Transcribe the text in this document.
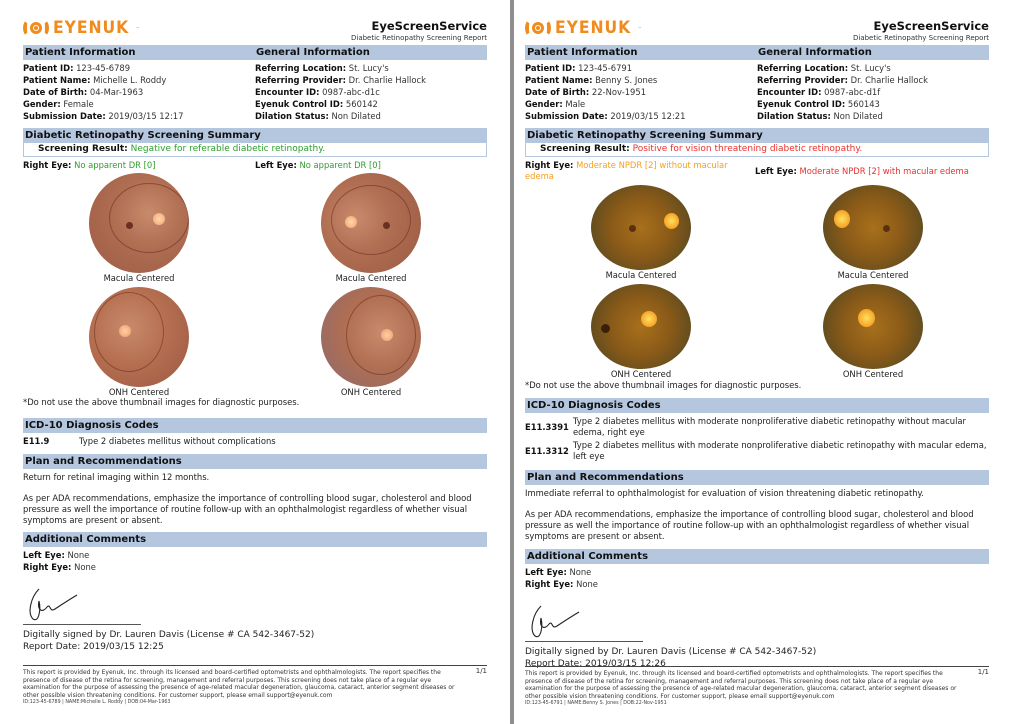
EYENUK ™	EyeScreenService
Diabetic Retinopathy Screening Report
Patient Information	General Information
Patient ID: 123-45-6789
Patient Name: Michelle L. Roddy
Date of Birth: 04-Mar-1963
Gender: Female
Submission Date: 2019/03/15 12:17
Referring Location: St. Lucy's
Referring Provider: Dr. Charlie Hallock
Encounter ID: 0987-abc-d1c
Eyenuk Control ID: 560142
Dilation Status: Non Dilated
Diabetic Retinopathy Screening Summary
Screening Result: Negative for referable diabetic retinopathy.
Right Eye: No apparent DR [0]	Left Eye: No apparent DR [0]
Macula Centered
ONH Centered
Macula Centered
ONH Centered
*Do not use the above thumbnail images for diagnostic purposes.
ICD-10 Diagnosis Codes
E11.9	Type 2 diabetes mellitus without complications
Plan and Recommendations
Return for retinal imaging within 12 months.
As per ADA recommendations, emphasize the importance of controlling blood sugar, cholesterol and blood pressure as well the importance of routine follow-up with an ophthalmologist regardless of whether visual symptoms are present or absent.
Additional Comments
Left Eye: None
Right Eye: None
Digitally signed by Dr. Lauren Davis (License # CA 542-3467-52)
Report Date: 2019/03/15 12:25
This report is provided by Eyenuk, Inc. through its licensed and board-certified optometrists and ophthalmologists. The report specifies the presence of disease of the retina for screening, management and referral purposes. This screening does not take place of a regular eye examination for the purpose of assessing the presence of age-related macular degeneration, glaucoma, cataract, anterior segment diseases or other possible vision threatening conditions. For customer support, please email support@eyenuk.com
ID:123-45-6789 | NAME:Michelle L. Roddy | DOB:04-Mar-1963
1/1
EYENUK ™	EyeScreenService
Diabetic Retinopathy Screening Report
Patient Information	General Information
Patient ID: 123-45-6791
Patient Name: Benny S. Jones
Date of Birth: 22-Nov-1951
Gender: Male
Submission Date: 2019/03/15 12:21
Referring Location: St. Lucy's
Referring Provider: Dr. Charlie Hallock
Encounter ID: 0987-abc-d1f
Eyenuk Control ID: 560143
Dilation Status: Non Dilated
Diabetic Retinopathy Screening Summary
Screening Result: Positive for vision threatening diabetic retinopathy.
Right Eye: Moderate NPDR [2] without macular edema
Left Eye: Moderate NPDR [2] with macular edema
Macula Centered
ONH Centered
Macula Centered
ONH Centered
*Do not use the above thumbnail images for diagnostic purposes.
ICD-10 Diagnosis Codes
E11.3391
Type 2 diabetes mellitus with moderate nonproliferative diabetic retinopathy without macular edema, right eye
E11.3312
Type 2 diabetes mellitus with moderate nonproliferative diabetic retinopathy with macular edema, left eye
Plan and Recommendations
Immediate referral to ophthalmologist for evaluation of vision threatening diabetic retinopathy.
As per ADA recommendations, emphasize the importance of controlling blood sugar, cholesterol and blood pressure as well the importance of routine follow-up with an ophthalmologist regardless of whether visual symptoms are present or absent.
Additional Comments
Left Eye: None
Right Eye: None
Digitally signed by Dr. Lauren Davis (License # CA 542-3467-52)
Report Date: 2019/03/15 12:26
This report is provided by Eyenuk, Inc. through its licensed and board-certified optometrists and ophthalmologists. The report specifies the presence of disease of the retina for screening, management and referral purposes. This screening does not take place of a regular eye examination for the purpose of assessing the presence of age-related macular degeneration, glaucoma, cataract, anterior segment diseases or other possible vision threatening conditions. For customer support, please email support@eyenuk.com
ID:123-45-6791 | NAME:Benny S. Jones | DOB:22-Nov-1951
1/1
